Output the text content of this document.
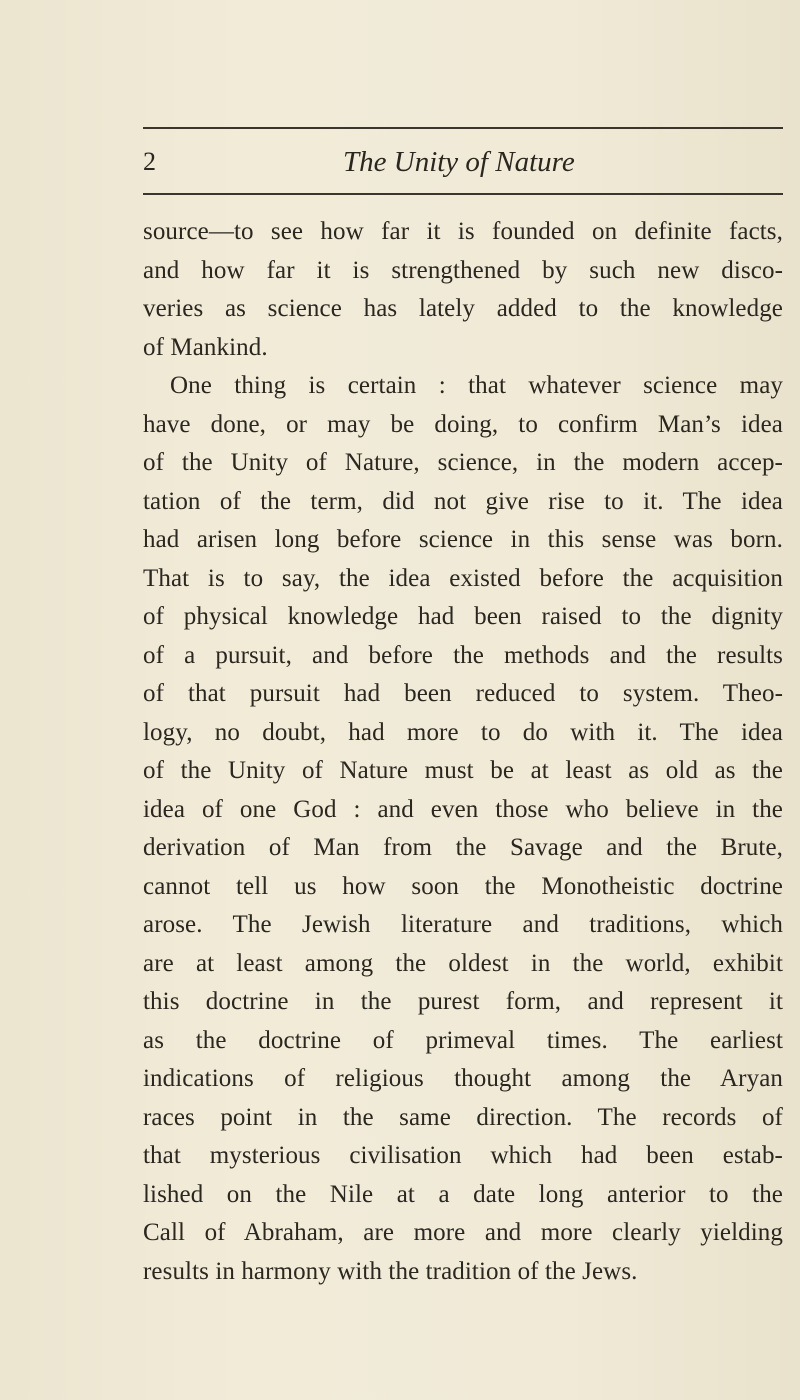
2	The Unity of Nature
source—to see how far it is founded on definite facts,
and how far it is strengthened by such new disco-
veries as science has lately added to the knowledge
of Mankind.
One thing is certain : that whatever science may
have done, or may be doing, to confirm Man’s idea
of the Unity of Nature, science, in the modern accep-
tation of the term, did not give rise to it. The idea
had arisen long before science in this sense was born.
That is to say, the idea existed before the acquisition
of physical knowledge had been raised to the dignity
of a pursuit, and before the methods and the results
of that pursuit had been reduced to system. Theo-
logy, no doubt, had more to do with it. The idea
of the Unity of Nature must be at least as old as the
idea of one God : and even those who believe in the
derivation of Man from the Savage and the Brute,
cannot tell us how soon the Monotheistic doctrine
arose. The Jewish literature and traditions, which
are at least among the oldest in the world, exhibit
this doctrine in the purest form, and represent it
as the doctrine of primeval times. The earliest
indications of religious thought among the Aryan
races point in the same direction. The records of
that mysterious civilisation which had been estab-
lished on the Nile at a date long anterior to the
Call of Abraham, are more and more clearly yielding
results in harmony with the tradition of the Jews.
